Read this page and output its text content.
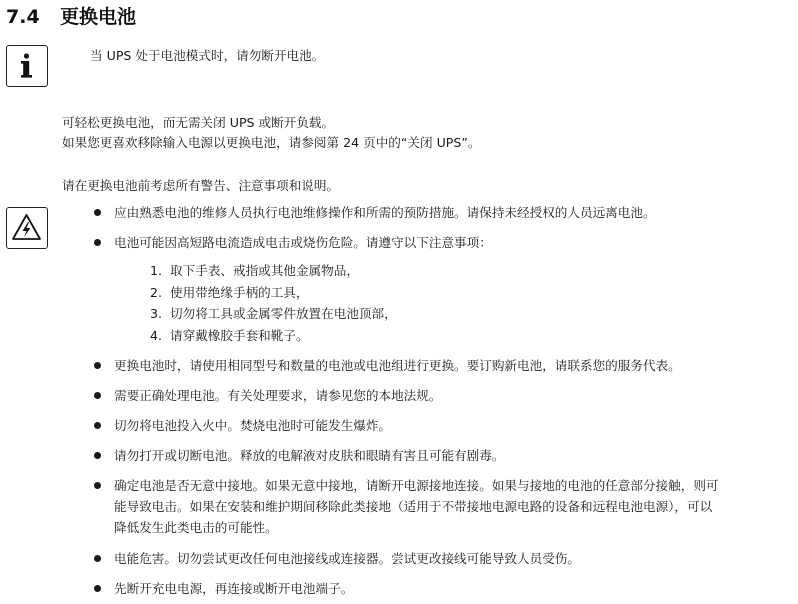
7.4 更换电池
当 UPS 处于电池模式时，请勿断开电池。
可轻松更换电池，而无需关闭 UPS 或断开负载。
如果您更喜欢移除输入电源以更换电池，请参阅第 24 页中的“关闭 UPS”。
请在更换电池前考虑所有警告、注意事项和说明。
应由熟悉电池的维修人员执行电池维修操作和所需的预防措施。请保持未经授权的人员远离电池。
电池可能因高短路电流造成电击或烧伤危险。请遵守以下注意事项：
1. 取下手表、戒指或其他金属物品，
2. 使用带绝缘手柄的工具，
3. 切勿将工具或金属零件放置在电池顶部，
4. 请穿戴橡胶手套和靴子。
更换电池时，请使用相同型号和数量的电池或电池组进行更换。要订购新电池，请联系您的服务代表。
需要正确处理电池。有关处理要求，请参见您的本地法规。
切勿将电池投入火中。焚烧电池时可能发生爆炸。
请勿打开或切断电池。释放的电解液对皮肤和眼睛有害且可能有剧毒。
确定电池是否无意中接地。如果无意中接地，请断开电源接地连接。如果与接地的电池的任意部分接触，则可
能导致电击。如果在安装和维护期间移除此类接地（适用于不带接地电源电路的设备和远程电池电源），可以
降低发生此类电击的可能性。
电能危害。切勿尝试更改任何电池接线或连接器。尝试更改接线可能导致人员受伤。
先断开充电电源，再连接或断开电池端子。
